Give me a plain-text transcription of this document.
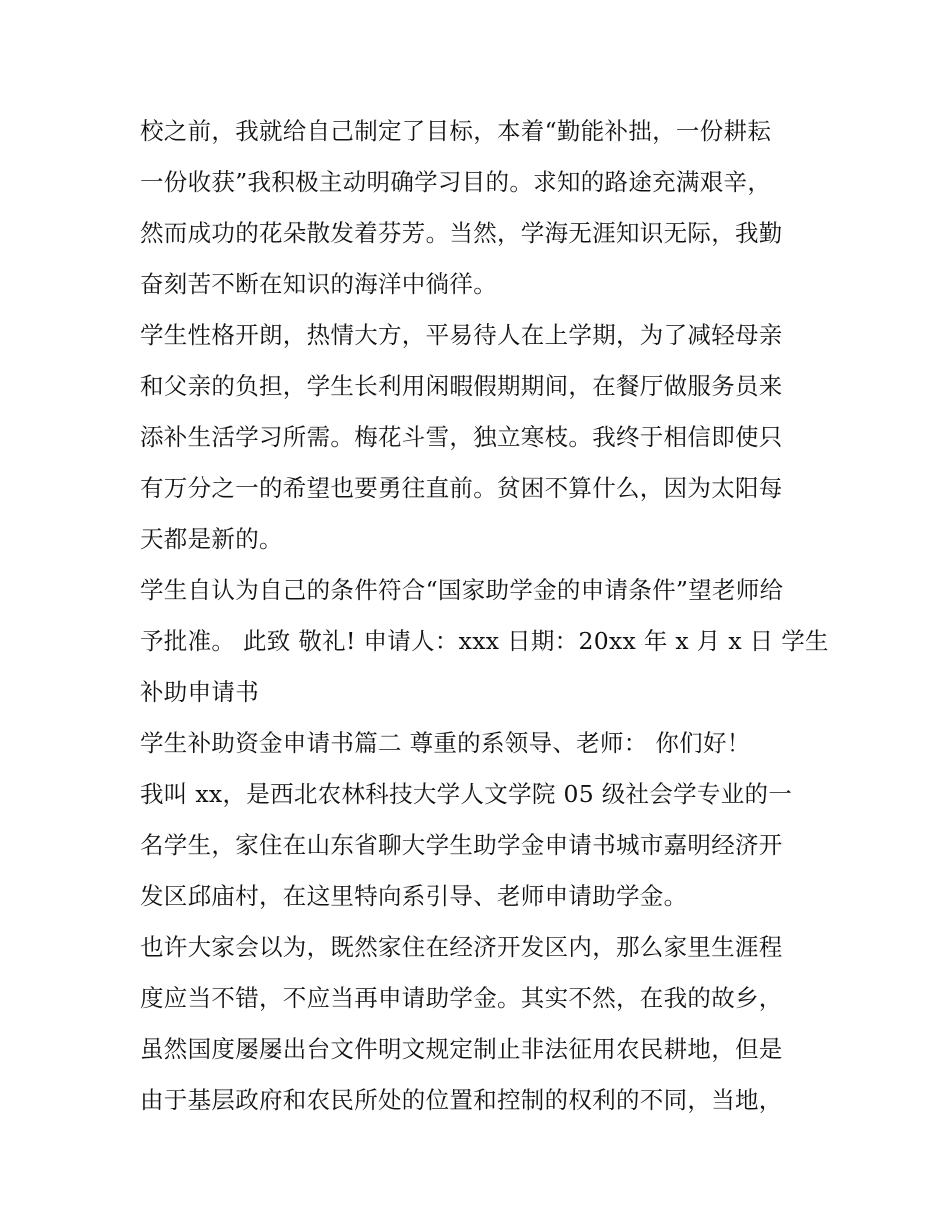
校之前，我就给自己制定了目标，本着“勤能补拙，一份耕耘
一份收获”我积极主动明确学习目的。求知的路途充满艰辛，
然而成功的花朵散发着芬芳。当然，学海无涯知识无际，我勤
奋刻苦不断在知识的海洋中徜徉。
学生性格开朗，热情大方，平易待人在上学期，为了减轻母亲
和父亲的负担，学生长利用闲暇假期期间，在餐厅做服务员来
添补生活学习所需。梅花斗雪，独立寒枝。我终于相信即使只
有万分之一的希望也要勇往直前。贫困不算什么，因为太阳每
天都是新的。
学生自认为自己的条件符合“国家助学金的申请条件”望老师给
予批准。 此致 敬礼! 申请人：xxx 日期：20xx 年 x 月 x 日 学生
补助申请书
学生补助资金申请书篇二 尊重的系领导、老师： 你们好！
我叫 xx，是西北农林科技大学人文学院 05 级社会学专业的一
名学生，家住在山东省聊大学生助学金申请书城市嘉明经济开
发区邱庙村，在这里特向系引导、老师申请助学金。
也许大家会以为，既然家住在经济开发区内，那么家里生涯程
度应当不错，不应当再申请助学金。其实不然，在我的故乡，
虽然国度屡屡出台文件明文规定制止非法征用农民耕地，但是
由于基层政府和农民所处的位置和控制的权利的不同，当地，
